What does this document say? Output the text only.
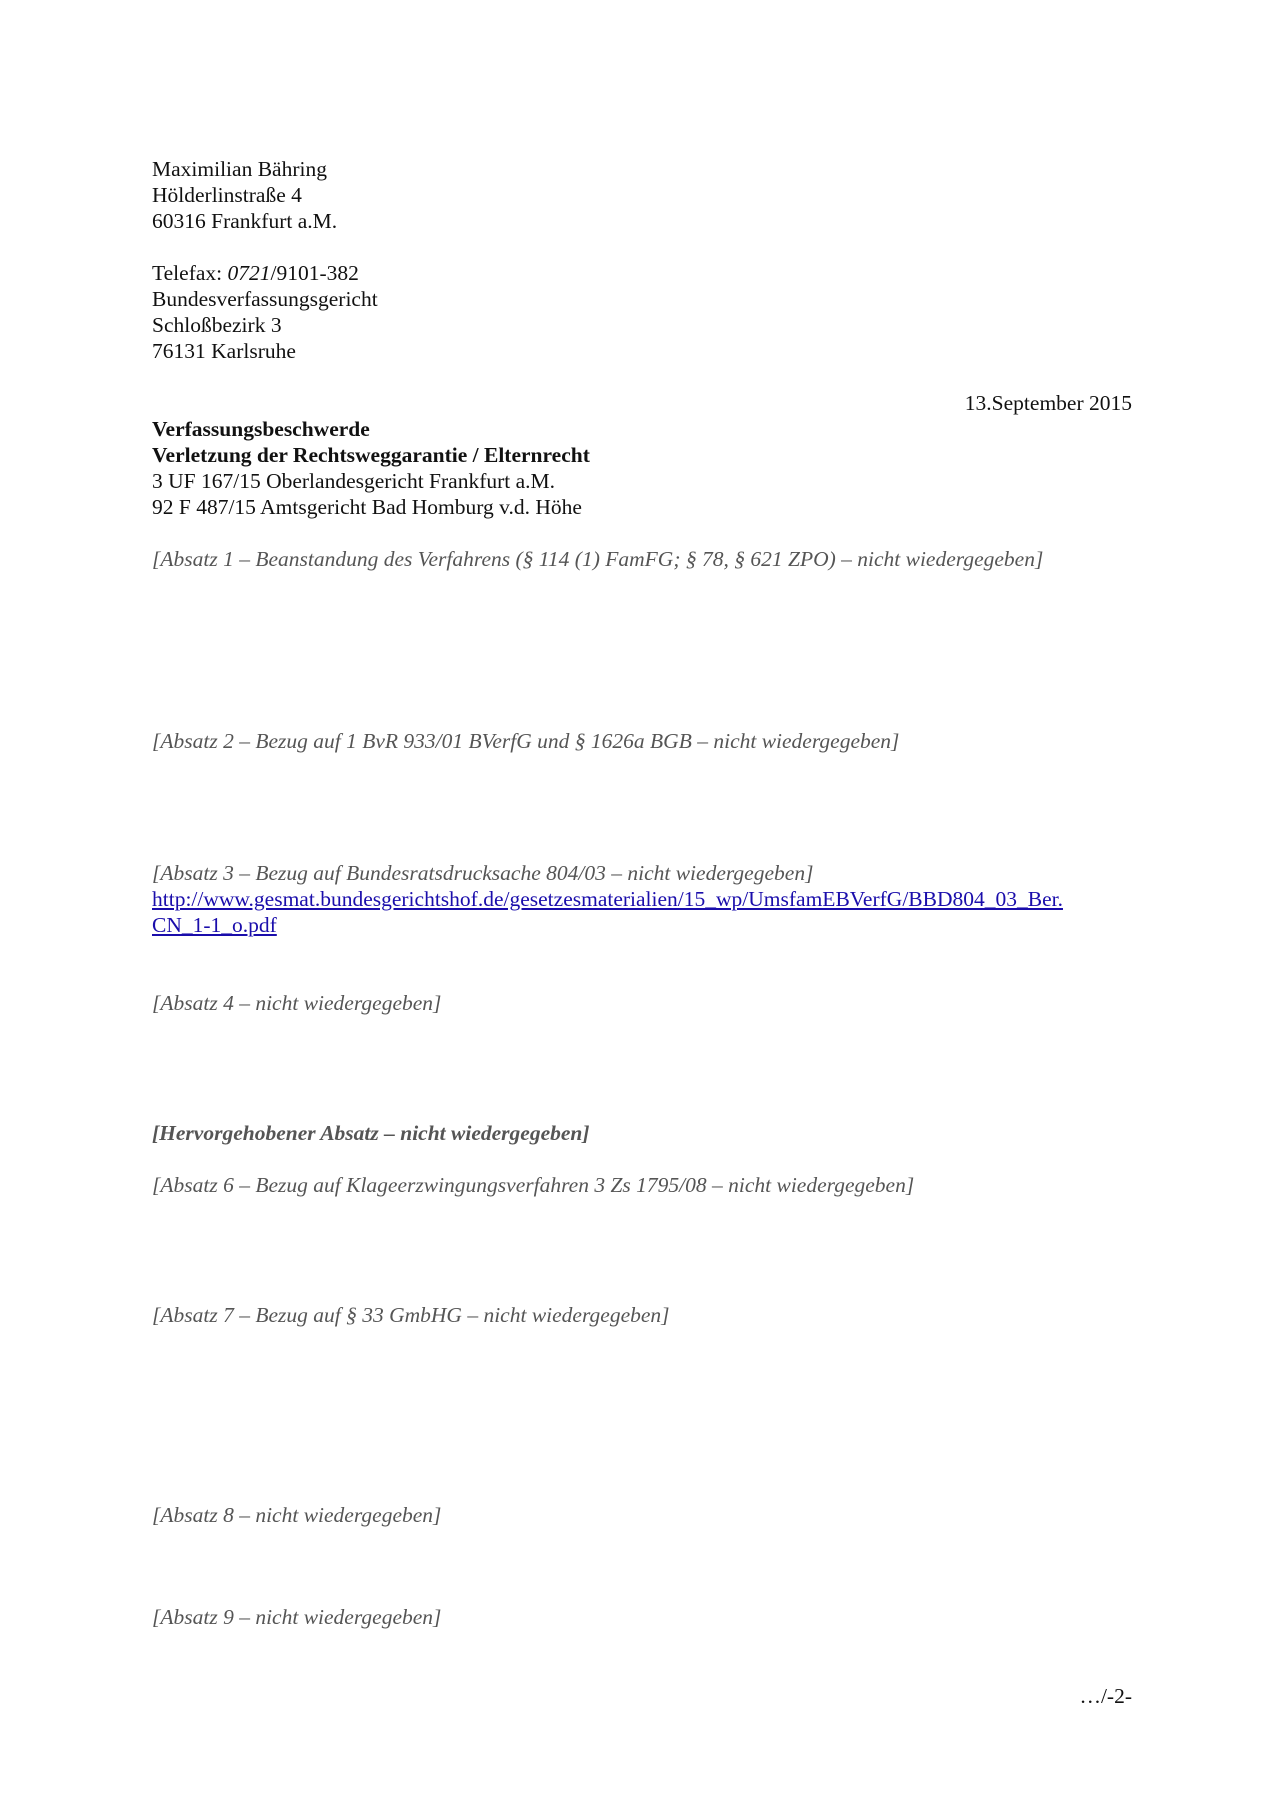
Maximilian Bähring
Hölderlinstraße 4
60316 Frankfurt a.M.
Telefax: 0721/9101-382
Bundesverfassungsgericht
Schloßbezirk 3
76131 Karlsruhe
13.September 2015
Verfassungsbeschwerde
Verletzung der Rechtsweggarantie / Elternrecht
3 UF 167/15 Oberlandesgericht Frankfurt a.M.
92 F 487/15 Amtsgericht Bad Homburg v.d. Höhe
[Absatz 1 – Beanstandung des Verfahrens (§ 114 (1) FamFG; § 78, § 621 ZPO) – nicht wiedergegeben]
[Absatz 2 – Bezug auf 1 BvR 933/01 BVerfG und § 1626a BGB – nicht wiedergegeben]
[Absatz 3 – Bezug auf Bundesratsdrucksache 804/03 – nicht wiedergegeben]
http://www.gesmat.bundesgerichtshof.de/gesetzesmaterialien/15_wp/UmsfamEBVerfG/BBD804_03_Ber.
CN_1-1_o.pdf
[Absatz 4 – nicht wiedergegeben]
[Hervorgehobener Absatz – nicht wiedergegeben]
[Absatz 6 – Bezug auf Klageerzwingungsverfahren 3 Zs 1795/08 – nicht wiedergegeben]
[Absatz 7 – Bezug auf § 33 GmbHG – nicht wiedergegeben]
[Absatz 8 – nicht wiedergegeben]
[Absatz 9 – nicht wiedergegeben]
…/-2-
